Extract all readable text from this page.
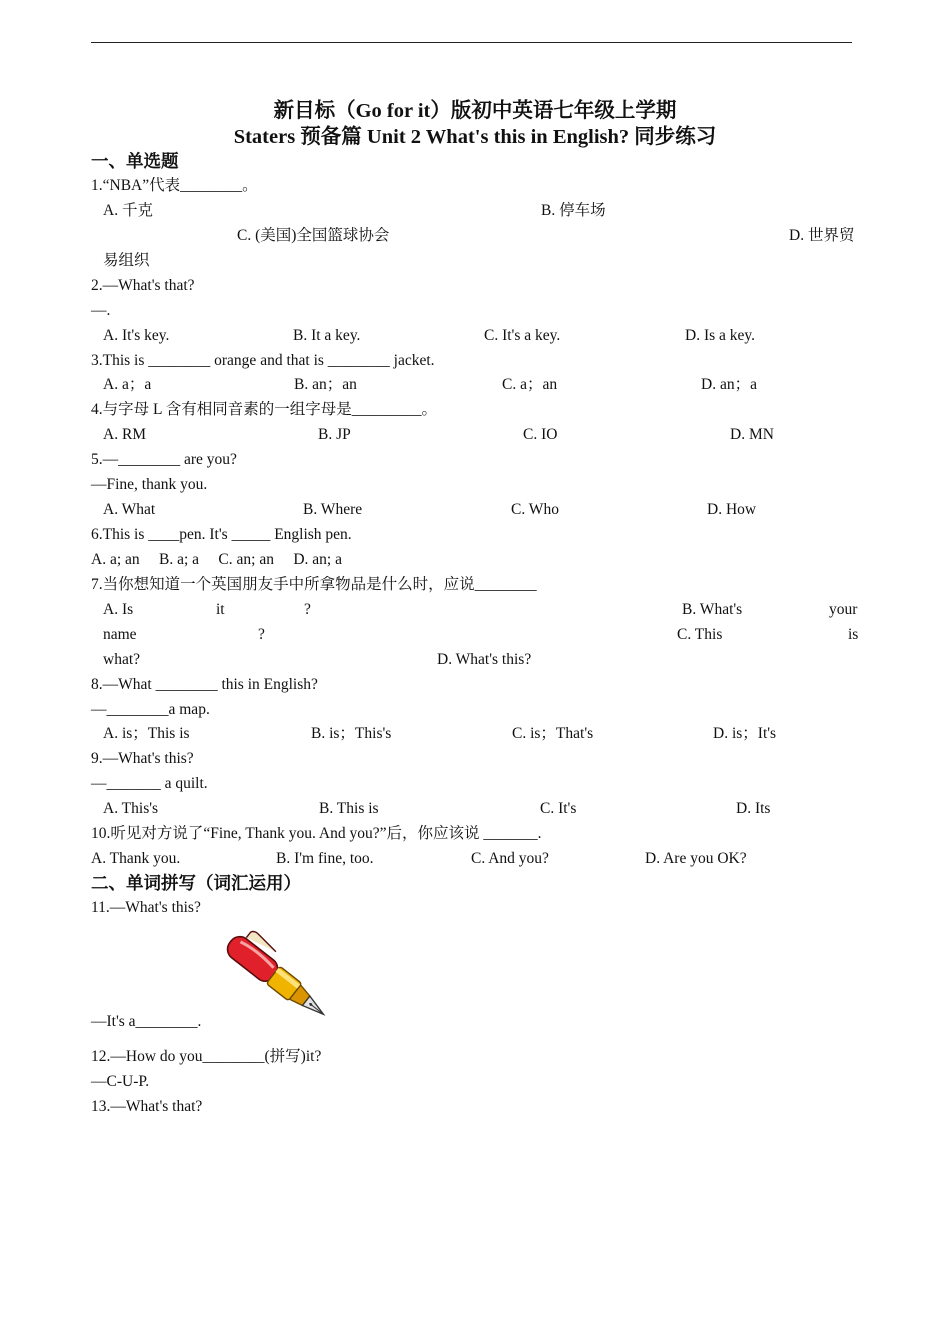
新目标（Go for it）版初中英语七年级上学期
Staters 预备篇 Unit 2 What's this in English? 同步练习
一、单选题
1.“NBA”代表________。
A. 千克	B. 停车场
C. (美国)全国篮球协会	D. 世界贸
易组织
2.—What's that?
—.
A. It's key.	B. It a key.	C. It's a key.	D. Is a key.
3.This is ________ orange and that is ________ jacket.
A. a；a	B. an；an	C. a；an	D. an；a
4.与字母 L 含有相同音素的一组字母是_________。
A. RM	B. JP	C. IO	D. MN
5.—________ are you?
—Fine, thank you.
A. What	B. Where	C. Who	D. How
6.This is ____pen. It's _____ English pen.
A. a; an     B. a; a     C. an; an     D. an; a
7.当你想知道一个英国朋友手中所拿物品是什么时，应说________
A. Is	it	?	B. What's	your
name	?	C. This	is
what?	D. What's this?
8.—What ________ this in English?
—________a map.
A. is；This is	B. is；This's	C. is；That's	D. is；It's
9.—What's this?
—_______ a quilt.
A. This's	B. This is	C. It's	D. Its
10.听见对方说了“Fine, Thank you. And you?”后，你应该说 _______.
A. Thank you.	B. I'm fine, too.	C. And you?	D. Are you OK?
二、单词拼写（词汇运用）
11.—What's this?
—It's a________.
12.—How do you________(拼写)it?
—C-U-P.
13.—What's that?
